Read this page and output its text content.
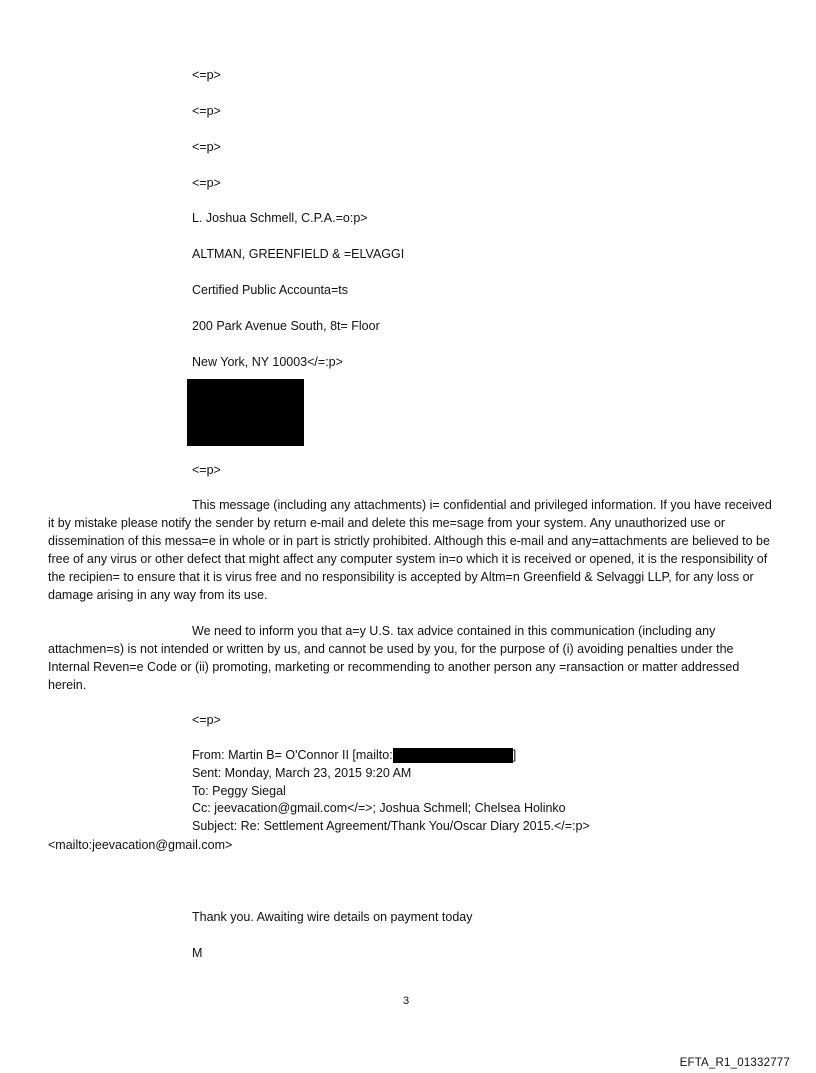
<=p>
<=p>
<=p>
<=p>
L. Joshua Schmell, C.P.A.=o:p>
ALTMAN, GREENFIELD & =ELVAGGI
Certified Public Accounta=ts
200 Park Avenue South, 8t= Floor
New York, NY 10003</=:p>
<=p>
This message (including any attachments) i= confidential and privileged information. If you have received it by mistake please notify the sender by return e-mail and delete this me=sage from your system. Any unauthorized use or dissemination of this messa=e in whole or in part is strictly prohibited. Although this e-mail and any=attachments are believed to be free of any virus or other defect that might affect any computer system in=o which it is received or opened, it is the responsibility of the recipien= to ensure that it is virus free and no responsibility is accepted by Altm=n Greenfield & Selvaggi LLP, for any loss or damage arising in any way from its use.
We need to inform you that a=y U.S. tax advice contained in this communication (including any attachmen=s) is not intended or written by us, and cannot be used by you, for the purpose of (i) avoiding penalties under the Internal Reven=e Code or (ii) promoting, marketing or recommending to another person any =ransaction or matter addressed herein.
<=p>
From: Martin B= O'Connor II [mailto:	]
Sent: Monday, March 23, 2015 9:20 AM
To: Peggy Siegal
Cc: jeevacation@gmail.com</=>; Joshua Schmell; Chelsea Holinko
Subject: Re: Settlement Agreement/Thank You/Oscar Diary 2015.</=:p>
<mailto:jeevacation@gmail.com>
Thank you. Awaiting wire details on payment today
M
3
EFTA_R1_01332777
